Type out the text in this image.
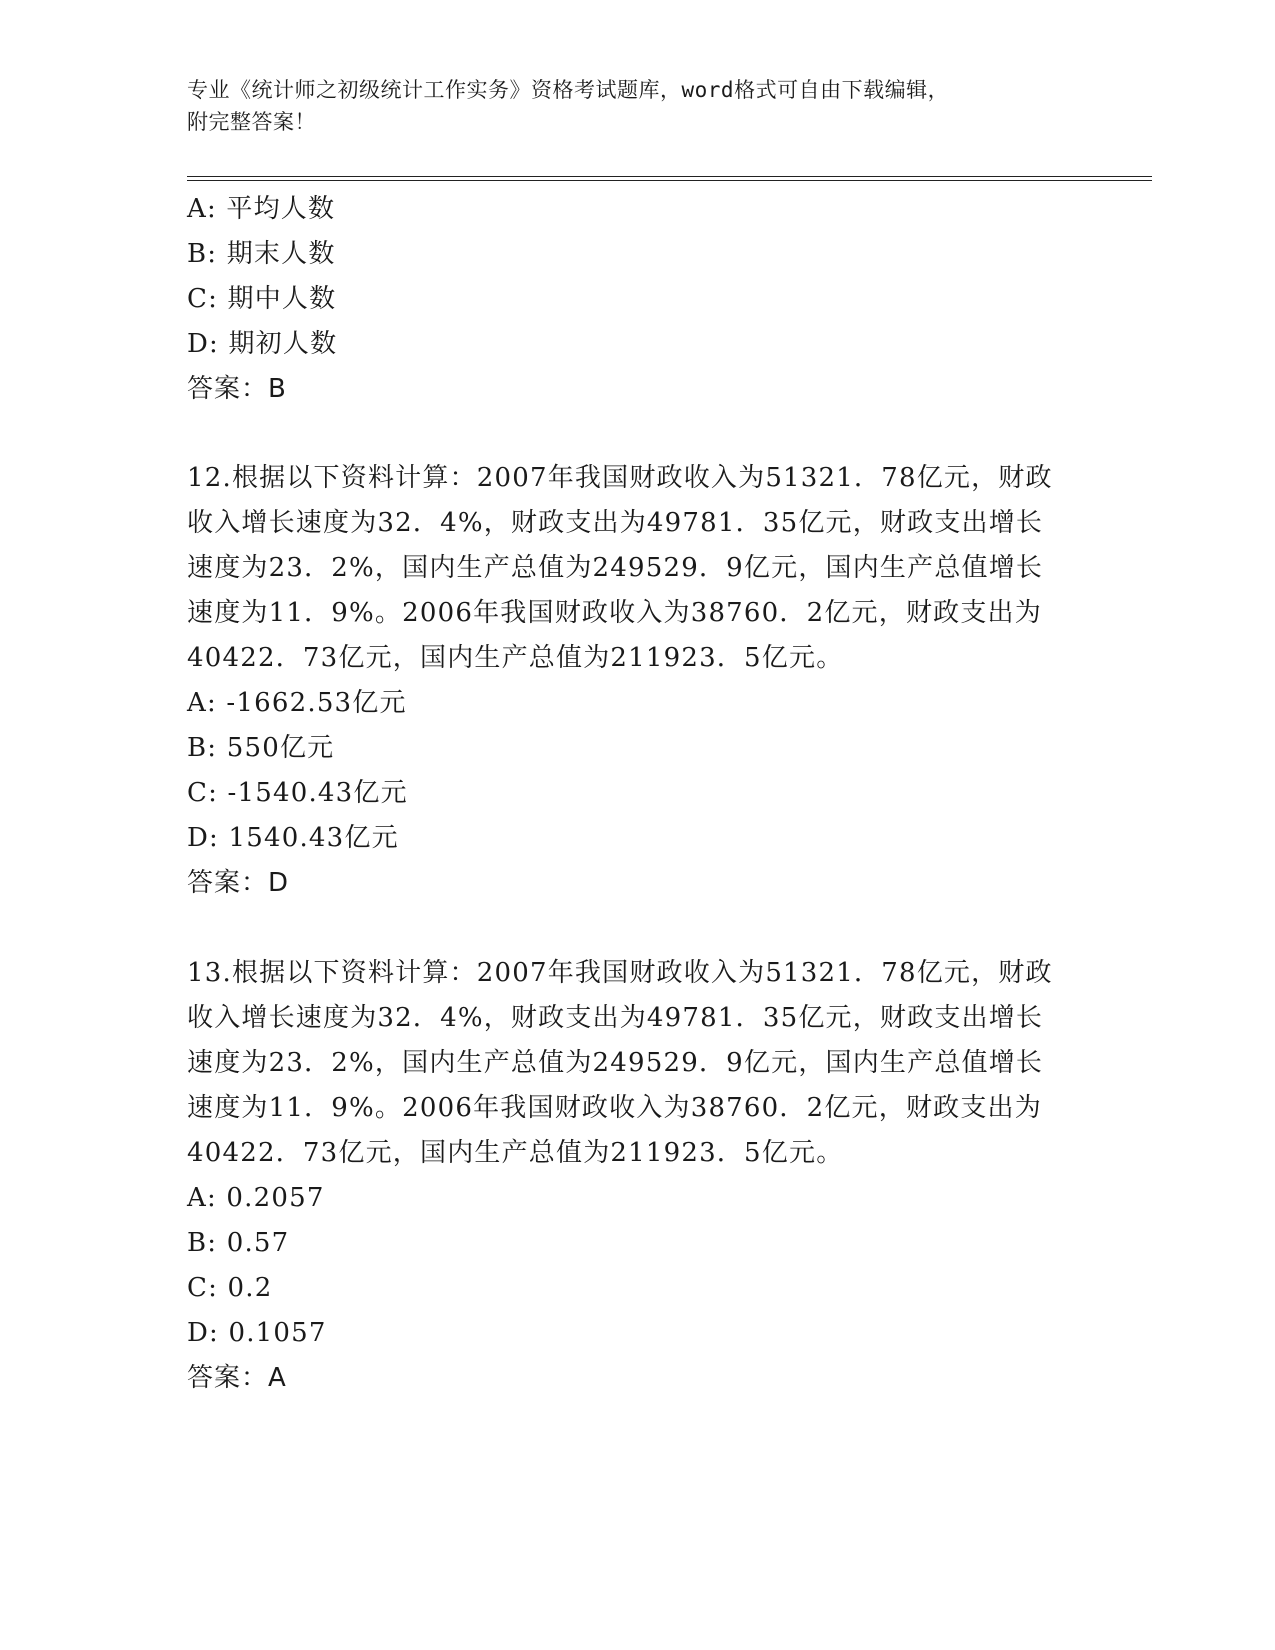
专业《统计师之初级统计工作实务》资格考试题库，word格式可自由下载编辑，
附完整答案！
A: 平均人数
B: 期末人数
C: 期中人数
D: 期初人数
答案：B
12.根据以下资料计算：2007年我国财政收入为51321．78亿元，财政
收入增长速度为32．4%，财政支出为49781．35亿元，财政支出增长
速度为23．2%，国内生产总值为249529．9亿元，国内生产总值增长
速度为11．9%。2006年我国财政收入为38760．2亿元，财政支出为
40422．73亿元，国内生产总值为211923．5亿元。
A: -1662.53亿元
B: 550亿元
C: -1540.43亿元
D: 1540.43亿元
答案：D
13.根据以下资料计算：2007年我国财政收入为51321．78亿元，财政
收入增长速度为32．4%，财政支出为49781．35亿元，财政支出增长
速度为23．2%，国内生产总值为249529．9亿元，国内生产总值增长
速度为11．9%。2006年我国财政收入为38760．2亿元，财政支出为
40422．73亿元，国内生产总值为211923．5亿元。
A: 0.2057
B: 0.57
C: 0.2
D: 0.1057
答案：A
